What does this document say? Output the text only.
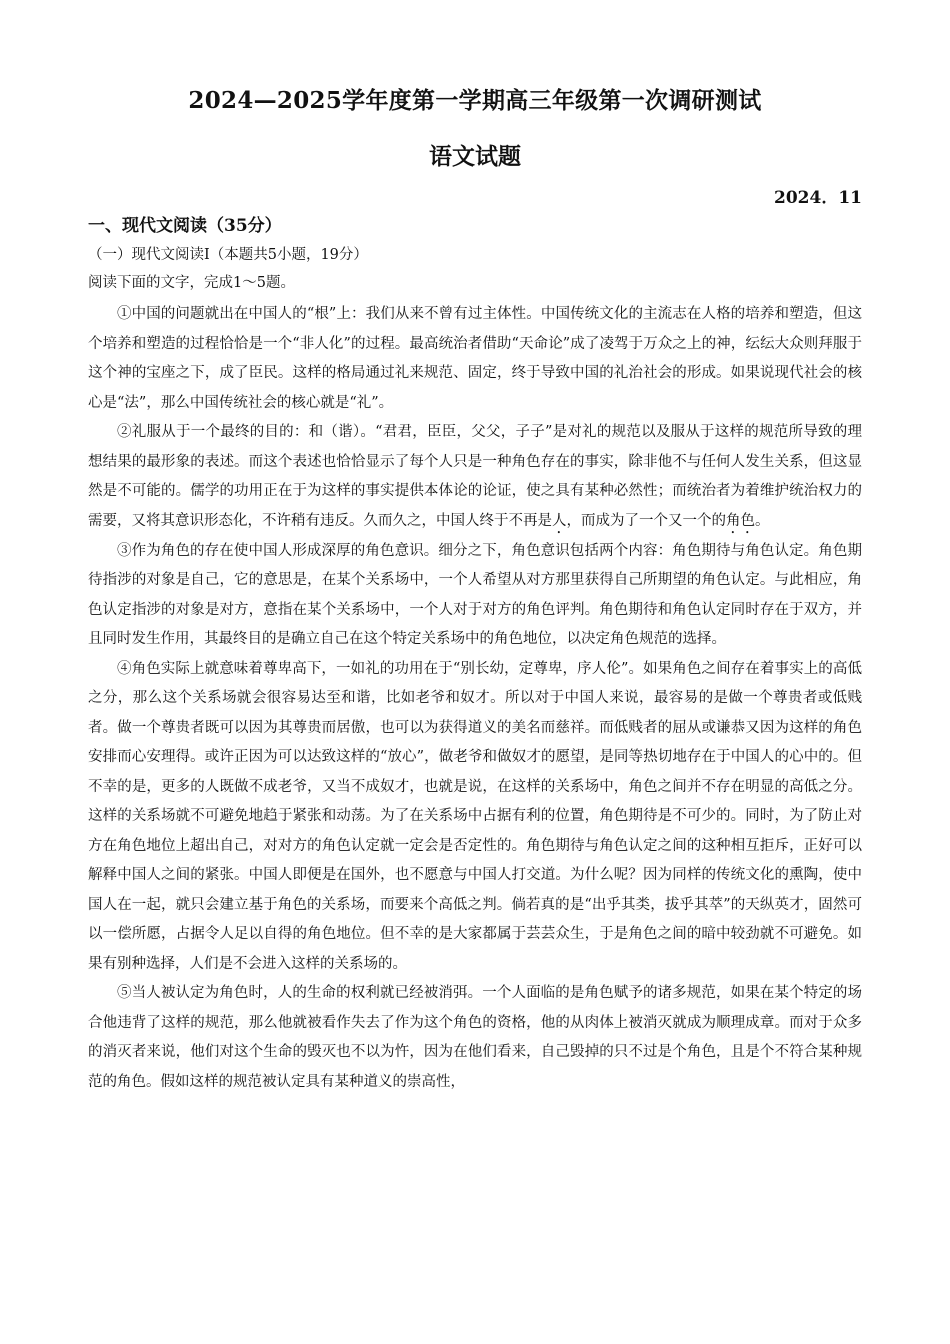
2024—2025学年度第一学期高三年级第一次调研测试
语文试题
2024．11
一、现代文阅读（35分）
（一）现代文阅读Ⅰ（本题共5小题，19分）
阅读下面的文字，完成1～5题。

①中国的问题就出在中国人的“根”上：我们从来不曾有过主体性。中国传统文化的主流志在人格的培养和塑造，但这个培养和塑造的过程恰恰是一个“非人化”的过程。最高统治者借助“天命论”成了凌驾于万众之上的神，纭纭大众则拜服于这个神的宝座之下，成了臣民。这样的格局通过礼来规范、固定，终于导致中国的礼治社会的形成。如果说现代社会的核心是“法”，那么中国传统社会的核心就是“礼”。

②礼服从于一个最终的目的：和（谐）。“君君，臣臣，父父，子子”是对礼的规范以及服从于这样的规范所导致的理想结果的最形象的表述。而这个表述也恰恰显示了每个人只是一种角色存在的事实，除非他不与任何人发生关系，但这显然是不可能的。儒学的功用正在于为这样的事实提供本体论的论证，使之具有某种必然性；而统治者为着维护统治权力的需要，又将其意识形态化，不许稍有违反。久而久之，中国人终于不再是人，而成为了一个又一个的角色。

③作为角色的存在使中国人形成深厚的角色意识。细分之下，角色意识包括两个内容：角色期待与角色认定。角色期待指涉的对象是自己，它的意思是，在某个关系场中，一个人希望从对方那里获得自己所期望的角色认定。与此相应，角色认定指涉的对象是对方，意指在某个关系场中，一个人对于对方的角色评判。角色期待和角色认定同时存在于双方，并且同时发生作用，其最终目的是确立自己在这个特定关系场中的角色地位，以决定角色规范的选择。

④角色实际上就意味着尊卑高下，一如礼的功用在于“别长幼，定尊卑，序人伦”。如果角色之间存在着事实上的高低之分，那么这个关系场就会很容易达至和谐，比如老爷和奴才。所以对于中国人来说，最容易的是做一个尊贵者或低贱者。做一个尊贵者既可以因为其尊贵而居傲，也可以为获得道义的美名而慈祥。而低贱者的屈从或谦恭又因为这样的角色安排而心安理得。或许正因为可以达致这样的“放心”，做老爷和做奴才的愿望，是同等热切地存在于中国人的心中的。但不幸的是，更多的人既做不成老爷，又当不成奴才，也就是说，在这样的关系场中，角色之间并不存在明显的高低之分。这样的关系场就不可避免地趋于紧张和动荡。为了在关系场中占据有利的位置，角色期待是不可少的。同时，为了防止对方在角色地位上超出自己，对对方的角色认定就一定会是否定性的。角色期待与角色认定之间的这种相互拒斥，正好可以解释中国人之间的紧张。中国人即便是在国外，也不愿意与中国人打交道。为什么呢？因为同样的传统文化的熏陶，使中国人在一起，就只会建立基于角色的关系场，而要来个高低之判。倘若真的是“出乎其类，拔乎其萃”的天纵英才，固然可以一偿所愿，占据令人足以自得的角色地位。但不幸的是大家都属于芸芸众生，于是角色之间的暗中较劲就不可避免。如果有别种选择，人们是不会进入这样的关系场的。

⑤当人被认定为角色时，人的生命的权利就已经被消弭。一个人面临的是角色赋予的诸多规范，如果在某个特定的场合他违背了这样的规范，那么他就被看作失去了作为这个角色的资格，他的从肉体上被消灭就成为顺理成章。而对于众多的消灭者来说，他们对这个生命的毁灭也不以为忤，因为在他们看来，自己毁掉的只不过是个角色，且是个不符合某种规范的角色。假如这样的规范被认定具有某种道义的崇高性，
